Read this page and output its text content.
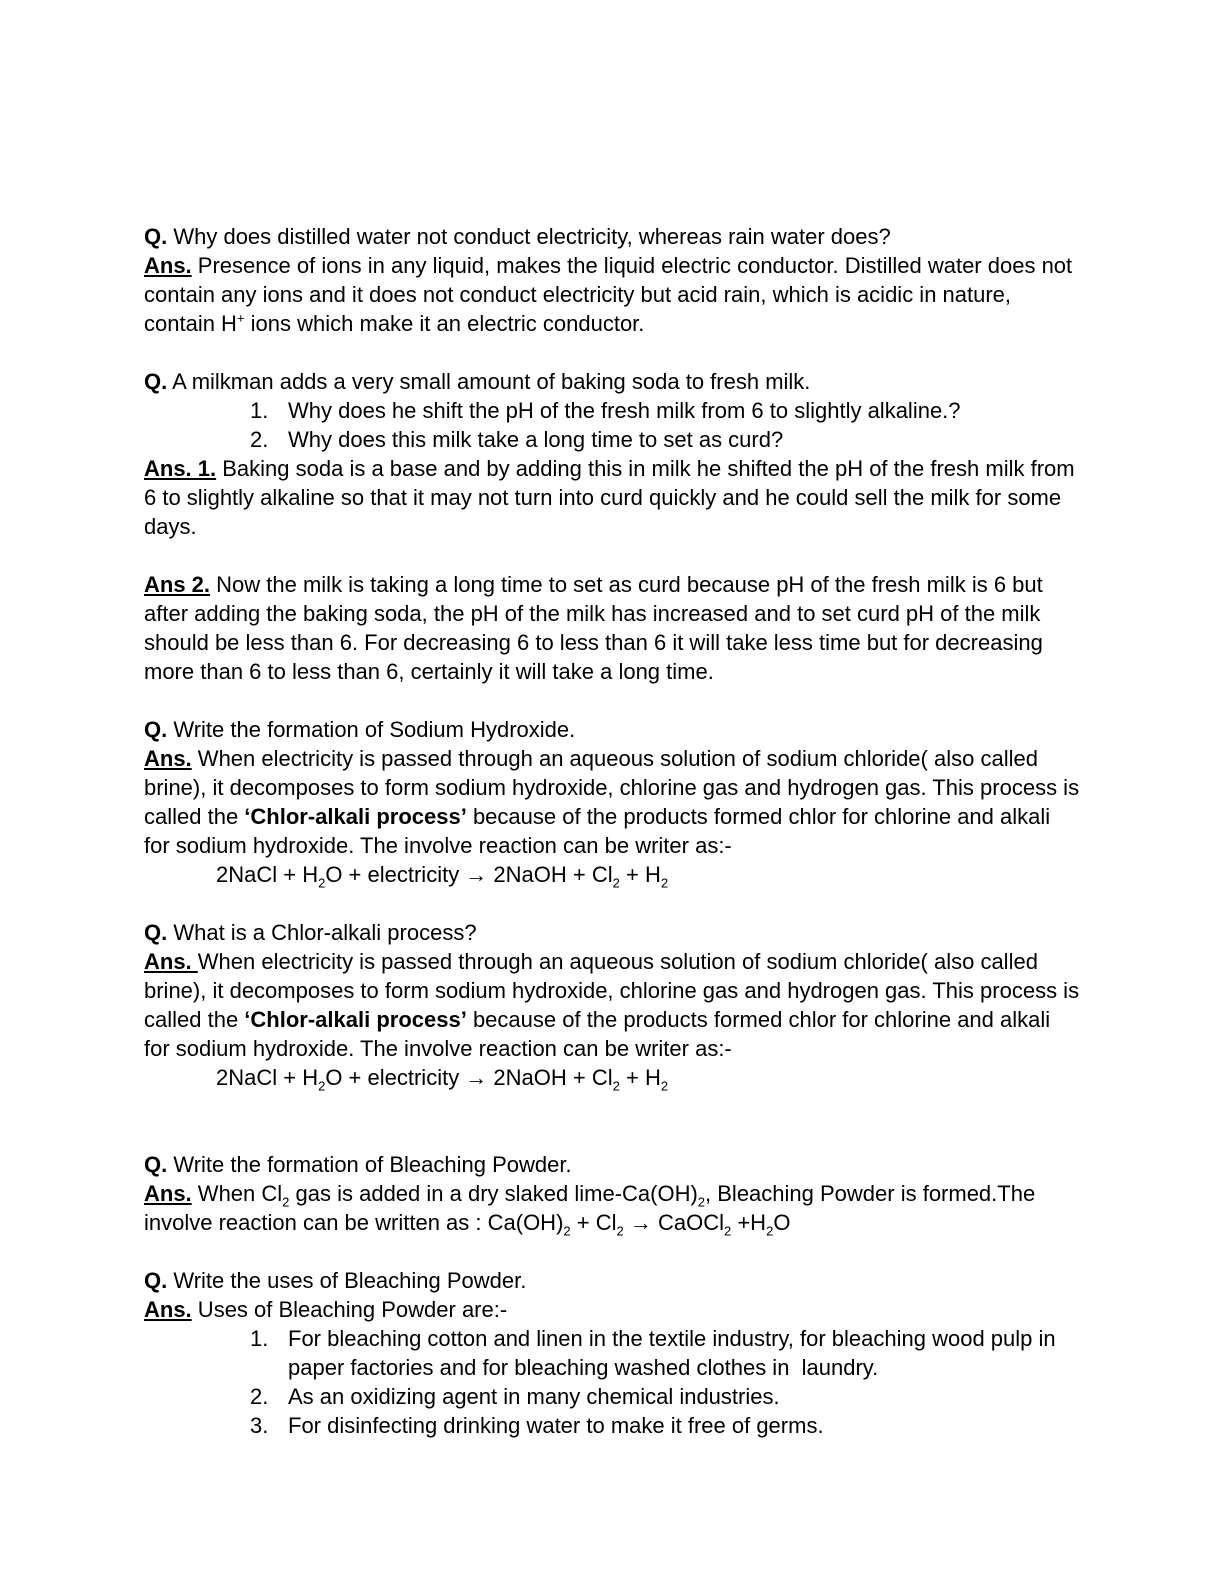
Q. Why does distilled water not conduct electricity, whereas rain water does?

Ans. Presence of ions in any liquid, makes the liquid electric conductor. Distilled water does not contain any ions and it does not conduct electricity but acid rain, which is acidic in nature, contain H+ ions which make it an electric conductor.

Q. A milkman adds a very small amount of baking soda to fresh milk.

1. Why does he shift the pH of the fresh milk from 6 to slightly alkaline.?
2. Why does this milk take a long time to set as curd?

Ans. 1. Baking soda is a base and by adding this in milk he shifted the pH of the fresh milk from 6 to slightly alkaline so that it may not turn into curd quickly and he could sell the milk for some days.

Ans 2. Now the milk is taking a long time to set as curd because pH of the fresh milk is 6 but after adding the baking soda, the pH of the milk has increased and to set curd pH of the milk should be less than 6. For decreasing 6 to less than 6 it will take less time but for decreasing more than 6 to less than 6, certainly it will take a long time.

Q. Write the formation of Sodium Hydroxide.

Ans. When electricity is passed through an aqueous solution of sodium chloride( also called brine), it decomposes to form sodium hydroxide, chlorine gas and hydrogen gas. This process is called the ‘Chlor-alkali process’ because of the products formed chlor for chlorine and alkali for sodium hydroxide. The involve reaction can be writer as:-

2NaCl + $H_2O$ + electricity → 2NaOH + $Cl_2 + H_2$

Q. What is a Chlor-alkali process?

Ans. When electricity is passed through an aqueous solution of sodium chloride( also called brine), it decomposes to form sodium hydroxide, chlorine gas and hydrogen gas. This process is called the ‘Chlor-alkali process’ because of the products formed chlor for chlorine and alkali for sodium hydroxide. The involve reaction can be writer as:-

2NaCl + $H_2O$ + electricity → 2NaOH + $Cl_2 + H_2$

Q. Write the formation of Bleaching Powder.

Ans. When $Cl_2$ gas is added in a dry slaked lime-$Ca(OH)_2$, Bleaching Powder is formed.The involve reaction can be written as : $Ca(OH)_2 + Cl_2$ → CaOCl$_2$ $+H_2O$

Q. Write the uses of Bleaching Powder.

Ans. Uses of Bleaching Powder are:-

1. For bleaching cotton and linen in the textile industry, for bleaching wood pulp in paper factories and for bleaching washed clothes in  laundry.
2. As an oxidizing agent in many chemical industries.
3. For disinfecting drinking water to make it free of germs.
